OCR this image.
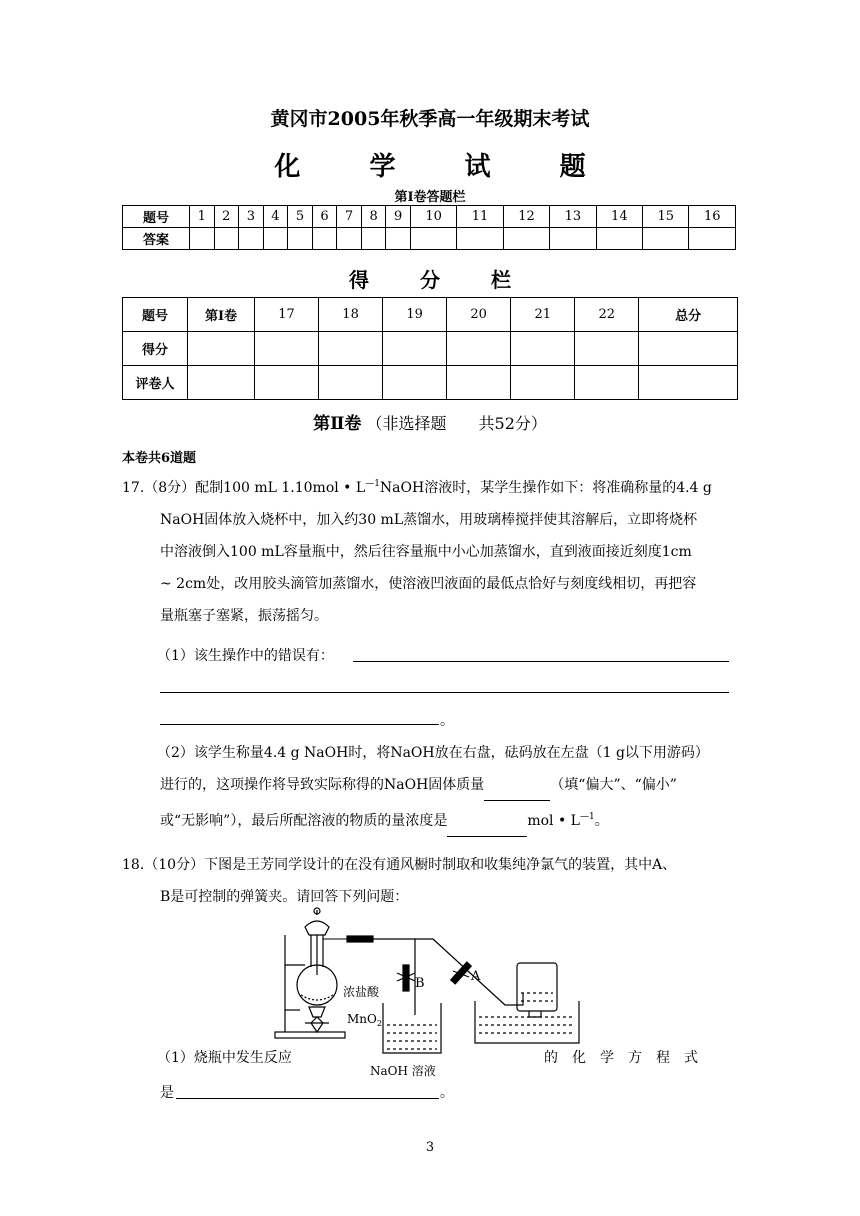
黄冈市2005年秋季高一年级期末考试
化 学 试 题
第Ⅰ卷答题栏
题号	1	2	3	4	5	6	7	8	9	10	11	12	13	14	15	16
答案																
得 分 栏
题号	第Ⅰ卷	17	18	19	20	21	22	总分
得分								
评卷人								
第Ⅱ卷 （非选择题　　共52分）
本卷共6道题
17.（8分）配制100 mL 1.10mol • $L^{—1}NaOH$溶液时，某学生操作如下：将准确称量的4.4 g
NaOH固体放入烧杯中，加入约30 mL蒸馏水，用玻璃棒搅拌使其溶解后，立即将烧杯
中溶液倒入100 mL容量瓶中，然后往容量瓶中小心加蒸馏水，直到液面接近刻度1cm
~ 2cm处，改用胶头滴管加蒸馏水，使溶液凹液面的最低点恰好与刻度线相切，再把容
量瓶塞子塞紧，振荡摇匀。
（1）该生操作中的错误有：
。
（2）该学生称量4.4 g NaOH时，将NaOH放在右盘，砝码放在左盘（1 g以下用游码）
进行的，这项操作将导致实际称得的NaOH固体质量	（填“偏大”、“偏小”
或“无影响”），最后所配溶液的物质的量浓度是	mol • $L^{—1}$。
18.（10分）下图是王芳同学设计的在没有通风橱时制取和收集纯净氯气的装置，其中A、
B是可控制的弹簧夹。请回答下列问题：
浓盐酸
MnO$_2$
B	A
NaOH 溶液
（1）烧瓶中发生反应	的　化　学　方　程　式
是	。
3
